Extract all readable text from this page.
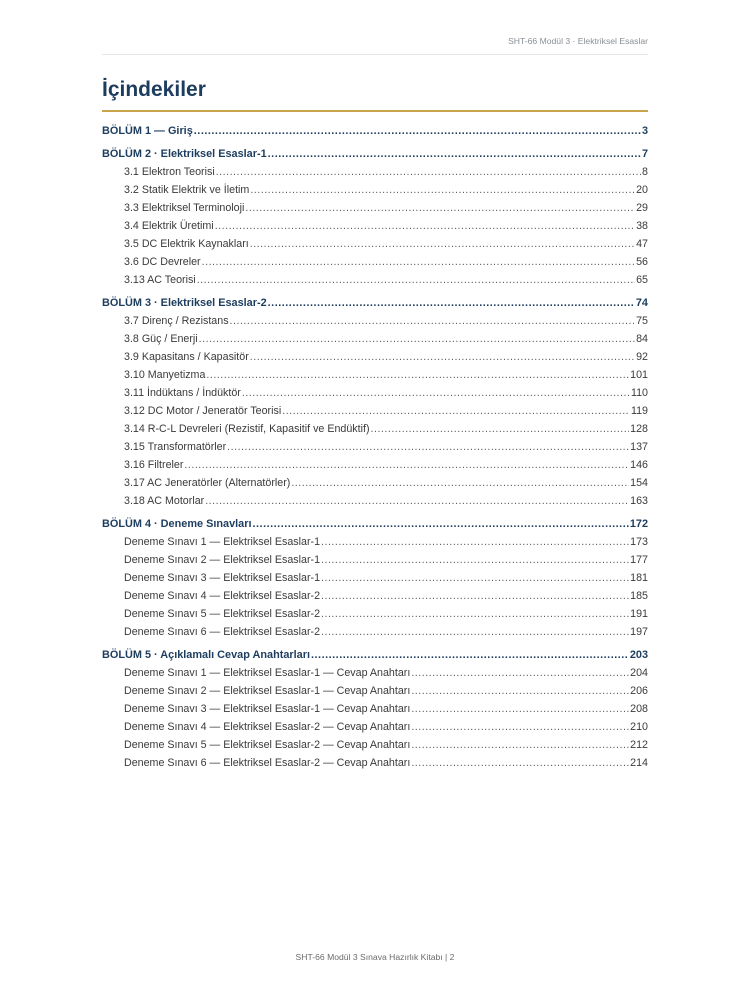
SHT-66 Modül 3 · Elektriksel Esaslar
İçindekiler
BÖLÜM 1 — Giriş .....	3
BÖLÜM 2 · Elektriksel Esaslar-1 .....	7
3.1 Elektron Teorisi .....	8
3.2 Statik Elektrik ve İletim .....	20
3.3 Elektriksel Terminoloji .....	29
3.4 Elektrik Üretimi .....	38
3.5 DC Elektrik Kaynakları .....	47
3.6 DC Devreler .....	56
3.13 AC Teorisi .....	65
BÖLÜM 3 · Elektriksel Esaslar-2 .....	74
3.7 Direnç / Rezistans .....	75
3.8 Güç / Enerji .....	84
3.9 Kapasitans / Kapasitör .....	92
3.10 Manyetizma .....	101
3.11 İndüktans / İndüktör .....	110
3.12 DC Motor / Jeneratör Teorisi .....	119
3.14 R-C-L Devreleri (Rezistif, Kapasitif ve Endüktif) .....	128
3.15 Transformatörler .....	137
3.16 Filtreler .....	146
3.17 AC Jeneratörler (Alternatörler) .....	154
3.18 AC Motorlar .....	163
BÖLÜM 4 · Deneme Sınavları .....	172
Deneme Sınavı 1 — Elektriksel Esaslar-1 .....	173
Deneme Sınavı 2 — Elektriksel Esaslar-1 .....	177
Deneme Sınavı 3 — Elektriksel Esaslar-1 .....	181
Deneme Sınavı 4 — Elektriksel Esaslar-2 .....	185
Deneme Sınavı 5 — Elektriksel Esaslar-2 .....	191
Deneme Sınavı 6 — Elektriksel Esaslar-2 .....	197
BÖLÜM 5 · Açıklamalı Cevap Anahtarları .....	203
Deneme Sınavı 1 — Elektriksel Esaslar-1 — Cevap Anahtarı .....	204
Deneme Sınavı 2 — Elektriksel Esaslar-1 — Cevap Anahtarı .....	206
Deneme Sınavı 3 — Elektriksel Esaslar-1 — Cevap Anahtarı .....	208
Deneme Sınavı 4 — Elektriksel Esaslar-2 — Cevap Anahtarı .....	210
Deneme Sınavı 5 — Elektriksel Esaslar-2 — Cevap Anahtarı .....	212
Deneme Sınavı 6 — Elektriksel Esaslar-2 — Cevap Anahtarı .....	214
SHT-66 Modül 3 Sınava Hazırlık Kitabı | 2
